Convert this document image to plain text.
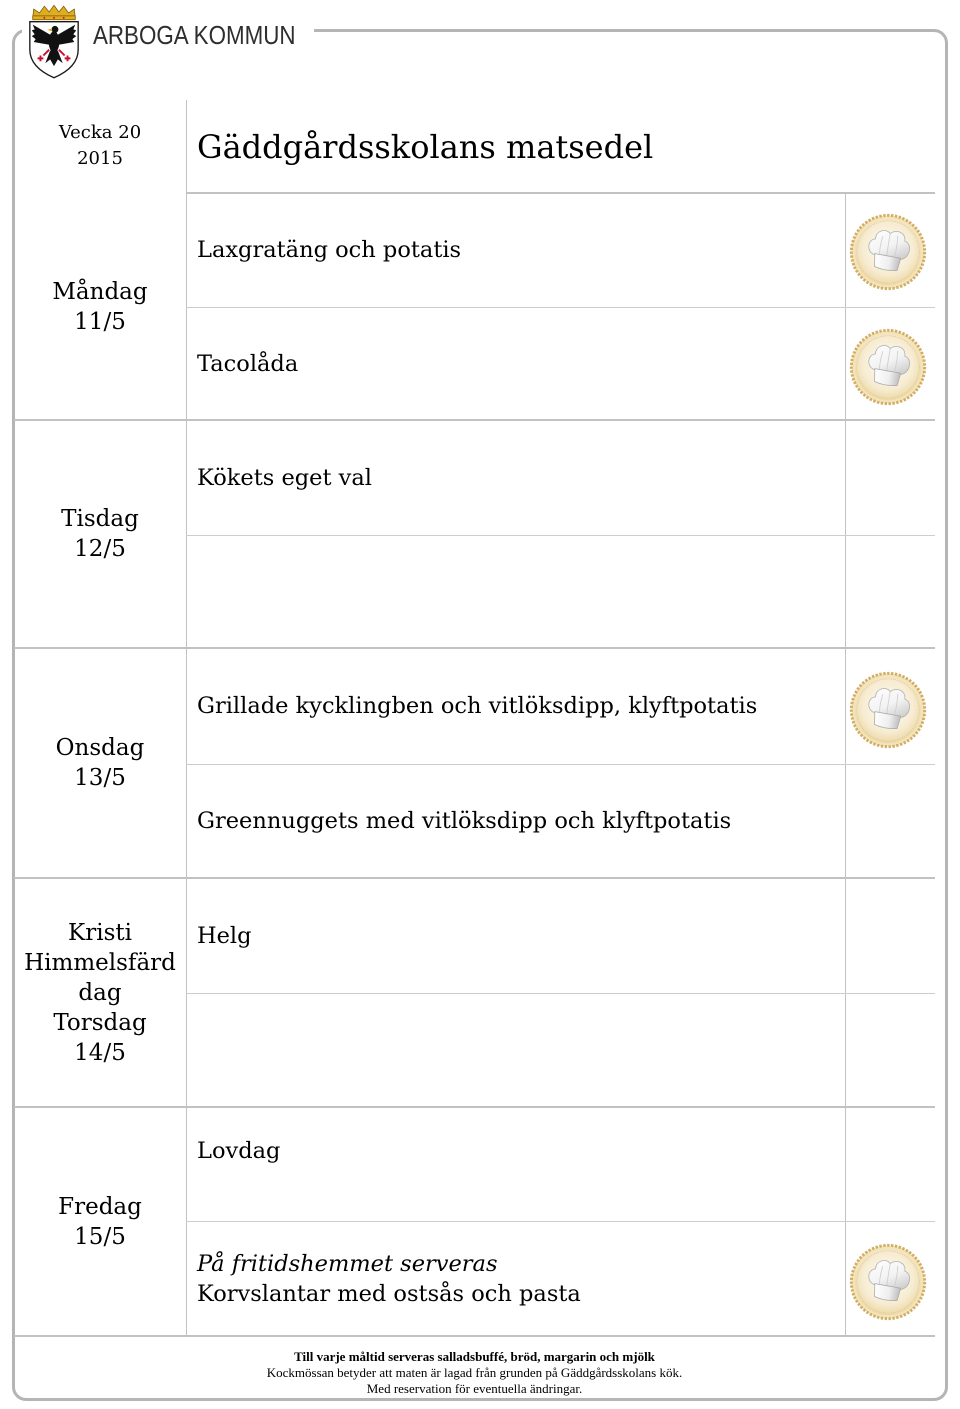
ARBOGA KOMMUN
Vecka 20
2015	Gäddgårdsskolans matsedel
Måndag
11/5
Laxgratäng och potatis
Tacolåda
Tisdag
12/5
Kökets eget val
Onsdag
13/5
Grillade kycklingben och vitlöksdipp, klyftpotatis
Greennuggets med vitlöksdipp och klyftpotatis
Kristi Himmelsfärd dag
Torsdag
14/5
Helg
Fredag
15/5
Lovdag
På fritidshemmet serveras
Korvslantar med ostsås och pasta
Till varje måltid serveras salladsbuffé, bröd, margarin och mjölk
Kockmössan betyder att maten är lagad från grunden på Gäddgårdsskolans kök.
Med reservation för eventuella ändringar.
